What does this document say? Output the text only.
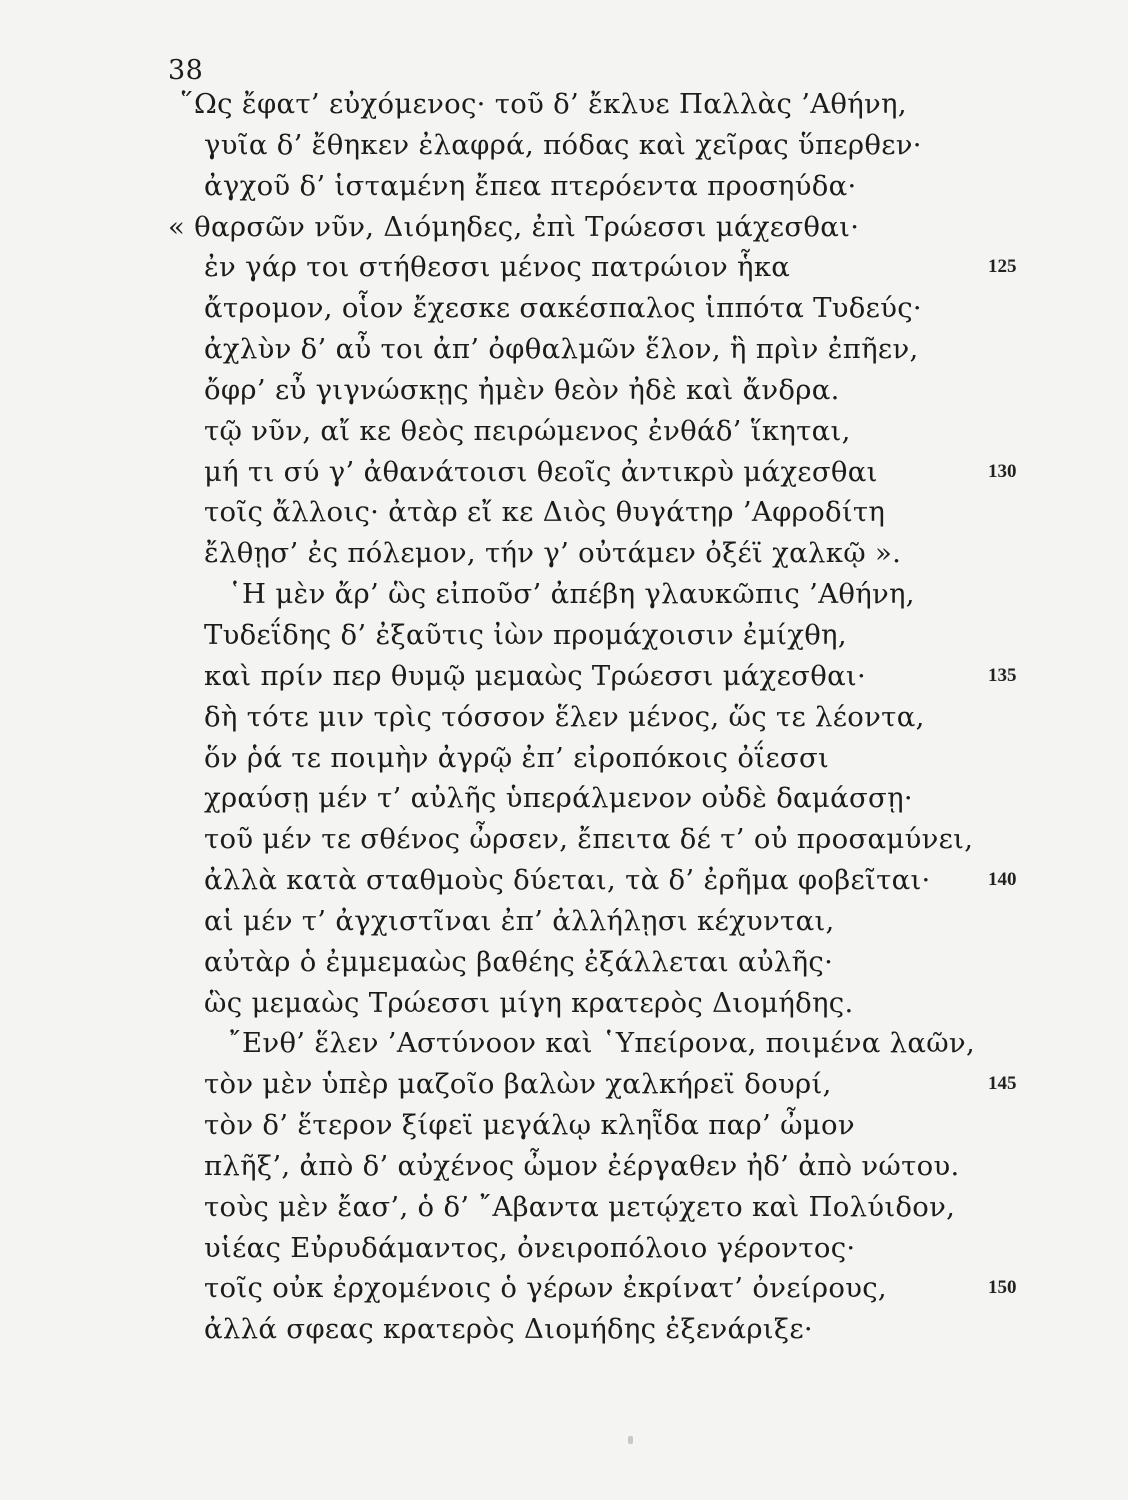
38
῞Ως ἔφατ’ εὐχόμενος· τοῦ δ’ ἔκλυε Παλλὰς ’Αθήνη,
γυῖα δ’ ἔθηκεν ἐλαφρά, πόδας καὶ χεῖρας ὕπερθεν·
ἀγχοῦ δ’ ἱσταμένη ἔπεα πτερόεντα προσηύδα·
« θαρσῶν νῦν, Διόμηδες, ἐπὶ Τρώεσσι μάχεσθαι·
ἐν γάρ τοι στήθεσσι μένος πατρώιον ἧκα	125
ἄτρομον, οἷον ἔχεσκε σακέσπαλος ἱππότα Τυδεύς·
ἀχλὺν δ’ αὖ τοι ἀπ’ ὀφθαλμῶν ἕλον, ἣ πρὶν ἐπῆεν,
ὄφρ’ εὖ γιγνώσκῃς ἠμὲν θεὸν ἠδὲ καὶ ἄνδρα.
τῷ νῦν, αἴ κε θεὸς πειρώμενος ἐνθάδ’ ἵκηται,
μή τι σύ γ’ ἀθανάτοισι θεοῖς ἀντικρὺ μάχεσθαι	130
τοῖς ἄλλοις· ἀτὰρ εἴ κε Διὸς θυγάτηρ ’Αφροδίτη
ἔλθῃσ’ ἐς πόλεμον, τήν γ’ οὐτάμεν ὀξέϊ χαλκῷ ».
῾Η μὲν ἄρ’ ὣς εἰποῦσ’ ἀπέβη γλαυκῶπις ’Αθήνη,
Τυδεΐδης δ’ ἐξαῦτις ἰὼν προμάχοισιν ἐμίχθη,
καὶ πρίν περ θυμῷ μεμαὼς Τρώεσσι μάχεσθαι·	135
δὴ τότε μιν τρὶς τόσσον ἕλεν μένος, ὥς τε λέοντα,
ὅν ῥά τε ποιμὴν ἀγρῷ ἐπ’ εἰροπόκοις ὀΐεσσι
χραύσῃ μέν τ’ αὐλῆς ὑπεράλμενον οὐδὲ δαμάσσῃ·
τοῦ μέν τε σθένος ὦρσεν, ἔπειτα δέ τ’ οὐ προσαμύνει,
ἀλλὰ κατὰ σταθμοὺς δύεται, τὰ δ’ ἐρῆμα φοβεῖται·	140
αἱ μέν τ’ ἀγχιστῖναι ἐπ’ ἀλλήλῃσι κέχυνται,
αὐτὰρ ὁ ἐμμεμαὼς βαθέης ἐξάλλεται αὐλῆς·
ὣς μεμαὼς Τρώεσσι μίγη κρατερὸς Διομήδης.
῎Ενθ’ ἕλεν ’Αστύνοον καὶ ῾Υπείρονα, ποιμένα λαῶν,
τὸν μὲν ὑπὲρ μαζοῖο βαλὼν χαλκήρεϊ δουρί,	145
τὸν δ’ ἕτερον ξίφεϊ μεγάλῳ κληῗδα παρ’ ὦμον
πλῆξ’, ἀπὸ δ’ αὐχένος ὦμον ἐέργαθεν ἠδ’ ἀπὸ νώτου.
τοὺς μὲν ἔασ’, ὁ δ’ ῎Αβαντα μετῴχετο καὶ Πολύιδον,
υἱέας Εὐρυδάμαντος, ὀνειροπόλοιο γέροντος·
τοῖς οὐκ ἐρχομένοις ὁ γέρων ἐκρίνατ’ ὀνείρους,	150
ἀλλά σφεας κρατερὸς Διομήδης ἐξενάριξε·
